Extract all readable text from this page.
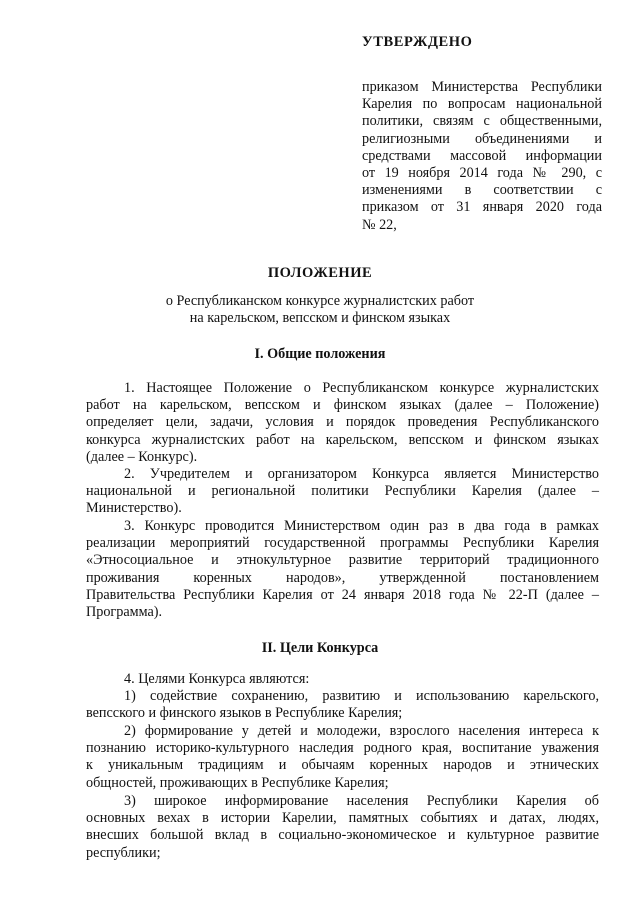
УТВЕРЖДЕНО
приказом Министерства Республики
Карелия по вопросам национальной
политики, связям с общественными,
религиозными объединениями и
средствами массовой информации
от 19 ноября 2014 года № 290, с
изменениями в соответствии с
приказом от 31 января 2020 года
№ 22,
ПОЛОЖЕНИЕ
о Республиканском конкурсе журналистских работ
на карельском, вепсском и финском языках
I. Общие положения
1. Настоящее Положение о Республиканском конкурсе журналистских
работ на карельском, вепсском и финском языках (далее – Положение)
определяет цели, задачи, условия и порядок проведения Республиканского
конкурса журналистских работ на карельском, вепсском и финском языках
(далее – Конкурс).
2. Учредителем и организатором Конкурса является Министерство
национальной и региональной политики Республики Карелия (далее –
Министерство).
3. Конкурс проводится Министерством один раз в два года в рамках
реализации мероприятий государственной программы Республики Карелия
«Этносоциальное и этнокультурное развитие территорий традиционного
проживания коренных народов», утвержденной постановлением
Правительства Республики Карелия от 24 января 2018 года № 22-П (далее –
Программа).
II. Цели Конкурса
4. Целями Конкурса являются:
1) содействие сохранению, развитию и использованию карельского,
вепсского и финского языков в Республике Карелия;
2) формирование у детей и молодежи, взрослого населения интереса к
познанию историко-культурного наследия родного края, воспитание уважения
к уникальным традициям и обычаям коренных народов и этнических
общностей, проживающих в Республике Карелия;
3) широкое информирование населения Республики Карелия об
основных вехах в истории Карелии, памятных событиях и датах, людях,
внесших большой вклад в социально-экономическое и культурное развитие
республики;
